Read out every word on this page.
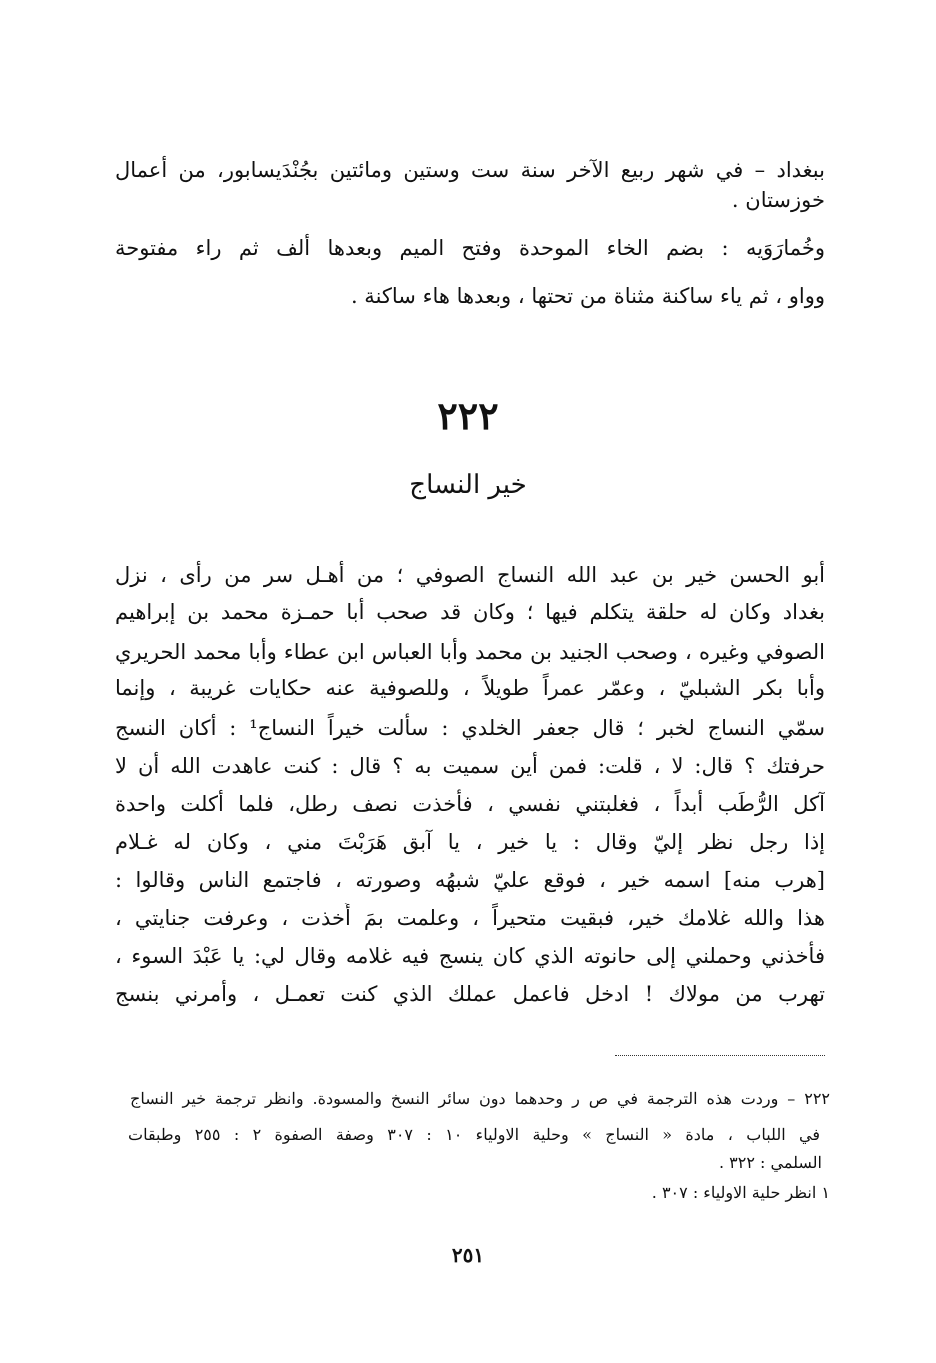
ببغداد – في شهر ربيع الآخر سنة ست وستين ومائتين بجُنْدَيسابور، من أعمال
خوزستان .
وخُمارَوَيه : بضم الخاء الموحدة وفتح الميم وبعدها ألف ثم راء مفتوحة
وواو ، ثم ياء ساكنة مثناة من تحتها ، وبعدها هاء ساكنة .
٢٢٢
خير النساج
أبو الحسن خير بن عبد الله النساج الصوفي ؛ من أهـل سر من رأى ، نزل
بغداد وكان له حلقة يتكلم فيها ؛ وكان قد صحب أبا حمـزة محمد بن إبراهيم
الصوفي وغيره ، وصحب الجنيد بن محمد وأبا العباس ابن عطاء وأبا محمد الحريري
وأبا بكر الشبليّ ، وعمّر عمراً طويلاً ، وللصوفية عنه حكايات غريبة ، وإنما
سمّي النساج لخبر ؛ قال جعفر الخلدي : سألت خيراً النساج¹ : أكان النسج
حرفتك ؟ قال: لا ، قلت: فمن أين سميت به ؟ قال : كنت عاهدت الله أن لا
آكل الرُّطَب أبداً ، فغلبتني نفسي ، فأخذت نصف رطل، فلما أكلت واحدة
إذا رجل نظر إليّ وقال : يا خير ، يا آبق هَرَبْتَ مني ، وكان له غـلام
[هرب منه] اسمه خير ، فوقع عليّ شبهُه وصورته ، فاجتمع الناس وقالوا :
هذا والله غلامك خير، فبقيت متحيراً ، وعلمت بمَ أُخذت ، وعرفت جنايتي ،
فأخذني وحملني إلى حانوته الذي كان ينسج فيه غلامه وقال لي: يا عَبْدَ السوء ،
تهرب من مولاك ! ادخل فاعمل عملك الذي كنت تعمـل ، وأمرني بنسج
٢٢٢ – وردت هذه الترجمة في ص ر وحدهما دون سائر النسخ والمسودة. وانظر ترجمة خير النساج
في اللباب ، مادة « النساج » وحلية الاولياء ١٠ : ٣٠٧ وصفة الصفوة ٢ : ٢٥٥ وطبقات
السلمي : ٣٢٢ .
١ انظر حلية الاولياء : ٣٠٧ .
٢٥١
